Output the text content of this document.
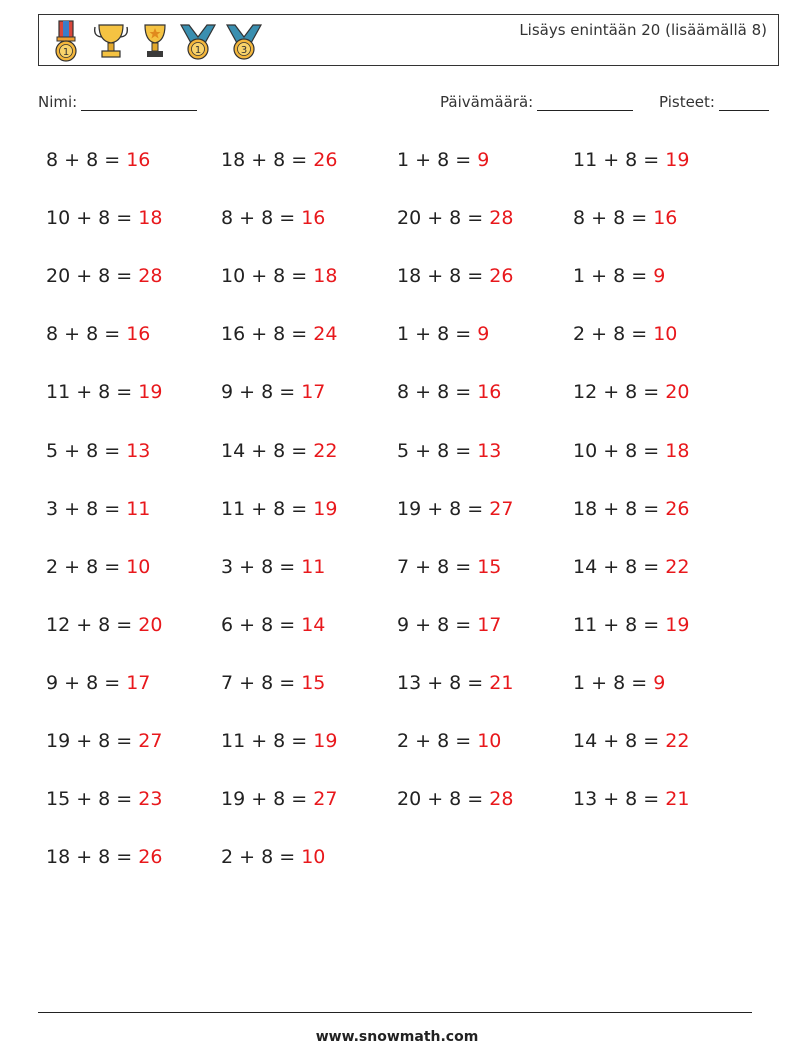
1	1	3
Lisäys enintään 20 (lisäämällä 8)
Nimi:	Päivämäärä:	Pisteet:
8 + 8 = 16
10 + 8 = 18
20 + 8 = 28
8 + 8 = 16
11 + 8 = 19
5 + 8 = 13
3 + 8 = 11
2 + 8 = 10
12 + 8 = 20
9 + 8 = 17
19 + 8 = 27
15 + 8 = 23
18 + 8 = 26
18 + 8 = 26
8 + 8 = 16
10 + 8 = 18
16 + 8 = 24
9 + 8 = 17
14 + 8 = 22
11 + 8 = 19
3 + 8 = 11
6 + 8 = 14
7 + 8 = 15
11 + 8 = 19
19 + 8 = 27
2 + 8 = 10
1 + 8 = 9
20 + 8 = 28
18 + 8 = 26
1 + 8 = 9
8 + 8 = 16
5 + 8 = 13
19 + 8 = 27
7 + 8 = 15
9 + 8 = 17
13 + 8 = 21
2 + 8 = 10
20 + 8 = 28
11 + 8 = 19
8 + 8 = 16
1 + 8 = 9
2 + 8 = 10
12 + 8 = 20
10 + 8 = 18
18 + 8 = 26
14 + 8 = 22
11 + 8 = 19
1 + 8 = 9
14 + 8 = 22
13 + 8 = 21
www.snowmath.com
